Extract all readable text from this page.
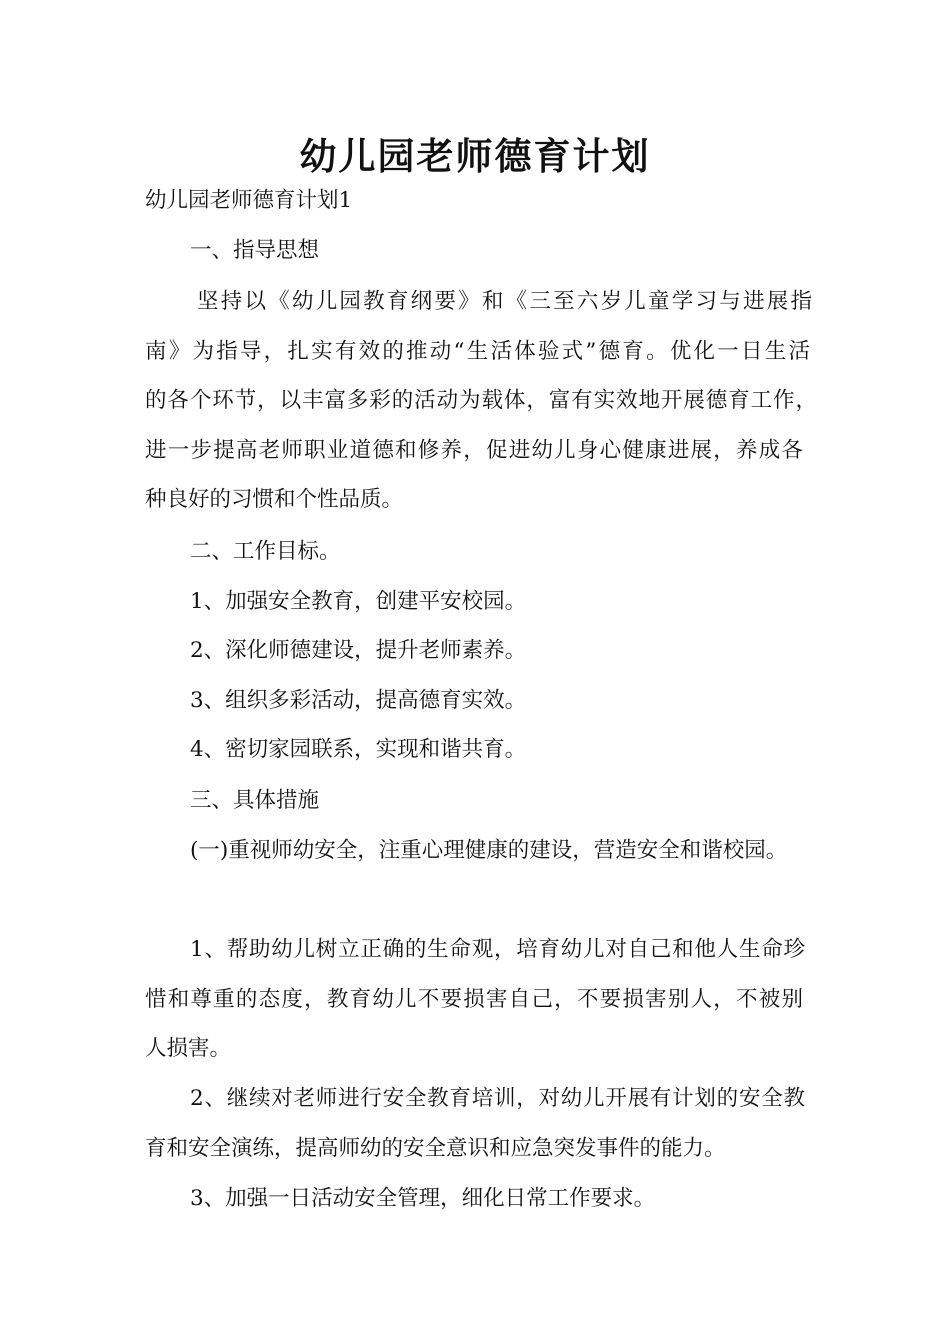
幼儿园老师德育计划
幼儿园老师德育计划1
一、指导思想
坚持以《幼儿园教育纲要》和《三至六岁儿童学习与进展指
南》为指导，扎实有效的推动“生活体验式”德育。优化一日生活
的各个环节，以丰富多彩的活动为载体，富有实效地开展德育工作，
进一步提高老师职业道德和修养，促进幼儿身心健康进展，养成各
种良好的习惯和个性品质。
二、工作目标。
1、加强安全教育，创建平安校园。
2、深化师德建设，提升老师素养。
3、组织多彩活动，提高德育实效。
4、密切家园联系，实现和谐共育。
三、具体措施
(一)重视师幼安全，注重心理健康的建设，营造安全和谐校园。
1、帮助幼儿树立正确的生命观，培育幼儿对自己和他人生命珍
惜和尊重的态度，教育幼儿不要损害自己，不要损害别人，不被别
人损害。
2、继续对老师进行安全教育培训，对幼儿开展有计划的安全教
育和安全演练，提高师幼的安全意识和应急突发事件的能力。
3、加强一日活动安全管理，细化日常工作要求。
